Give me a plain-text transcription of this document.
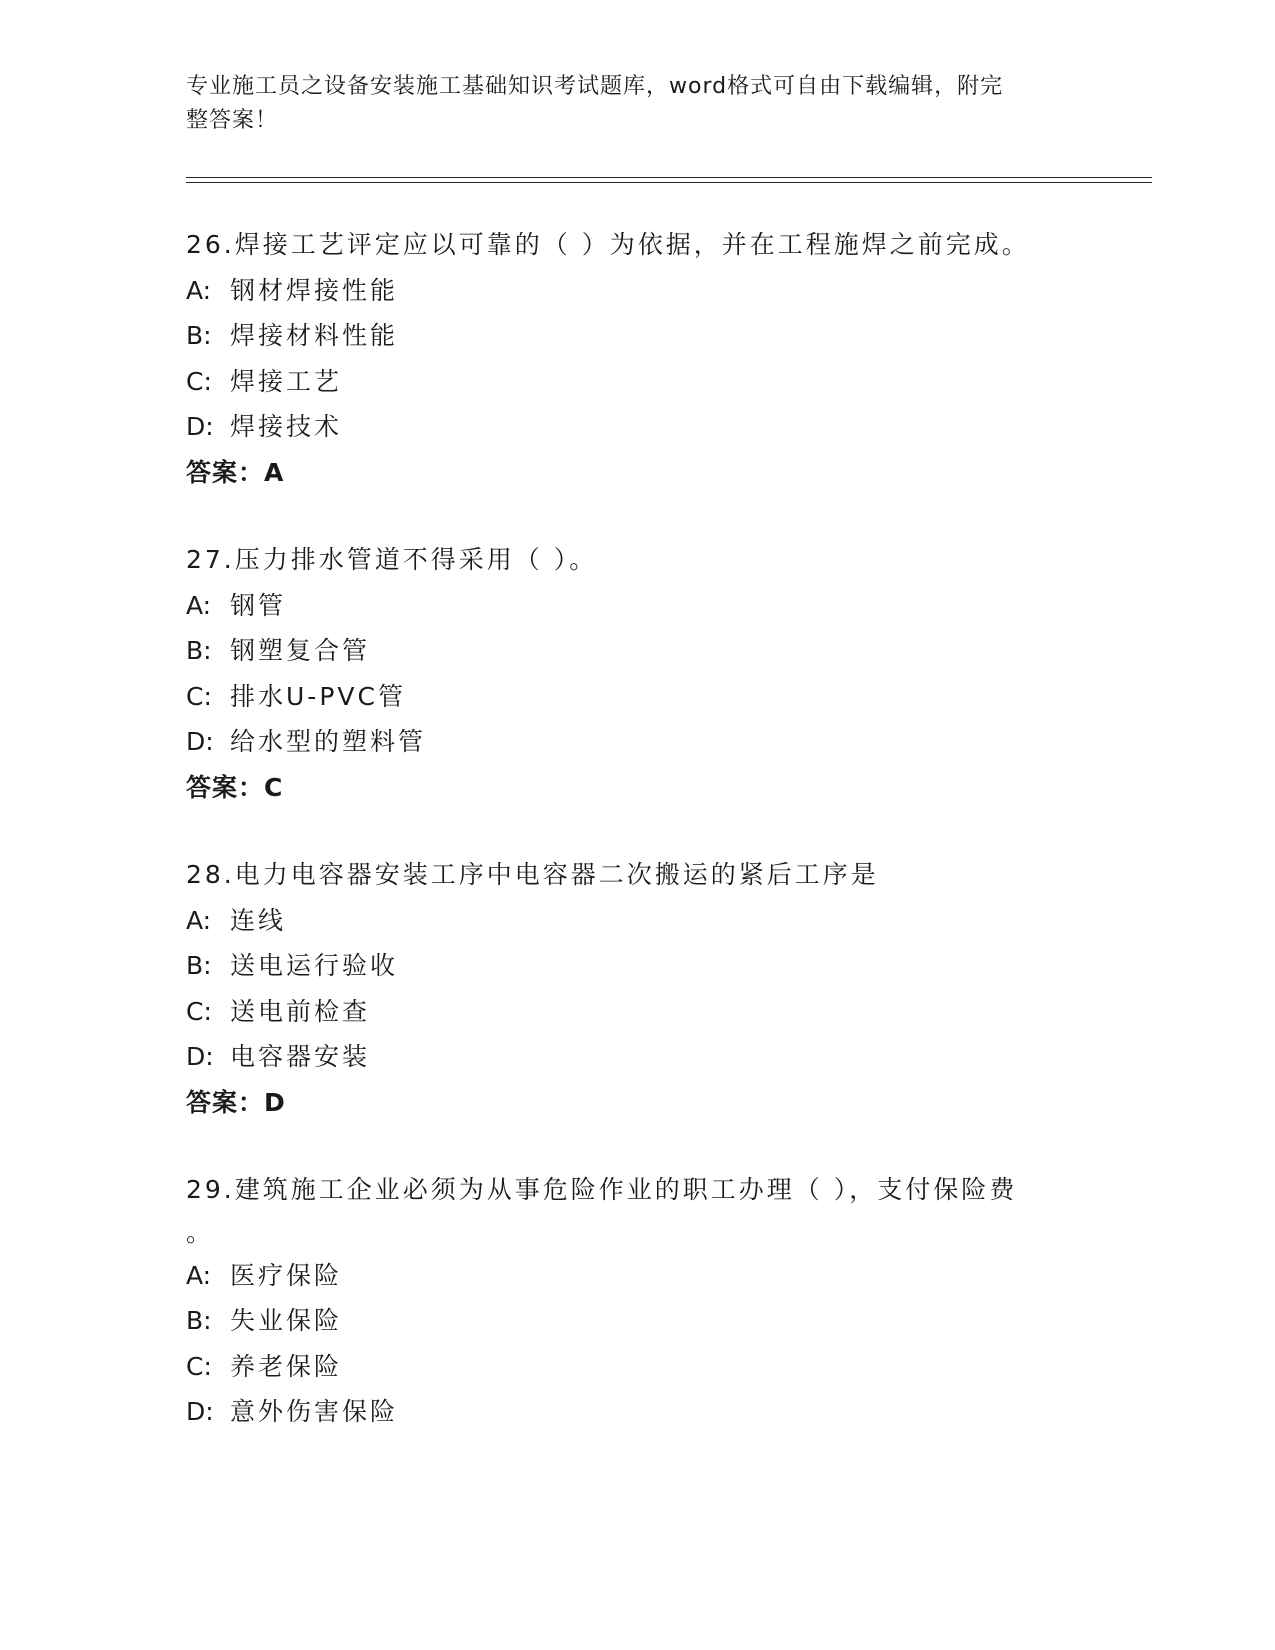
专业施工员之设备安装施工基础知识考试题库，word格式可自由下载编辑，附完
整答案！
26.焊接工艺评定应以可靠的（ ）为依据，并在工程施焊之前完成。
A: 钢材焊接性能
B: 焊接材料性能
C: 焊接工艺
D: 焊接技术
答案：A
27.压力排水管道不得采用（ ）。
A: 钢管
B: 钢塑复合管
C: 排水U-PVC管
D: 给水型的塑料管
答案：C
28.电力电容器安装工序中电容器二次搬运的紧后工序是
A: 连线
B: 送电运行验收
C: 送电前检查
D: 电容器安装
答案：D
29.建筑施工企业必须为从事危险作业的职工办理（ ），支付保险费
。
A: 医疗保险
B: 失业保险
C: 养老保险
D: 意外伤害保险
